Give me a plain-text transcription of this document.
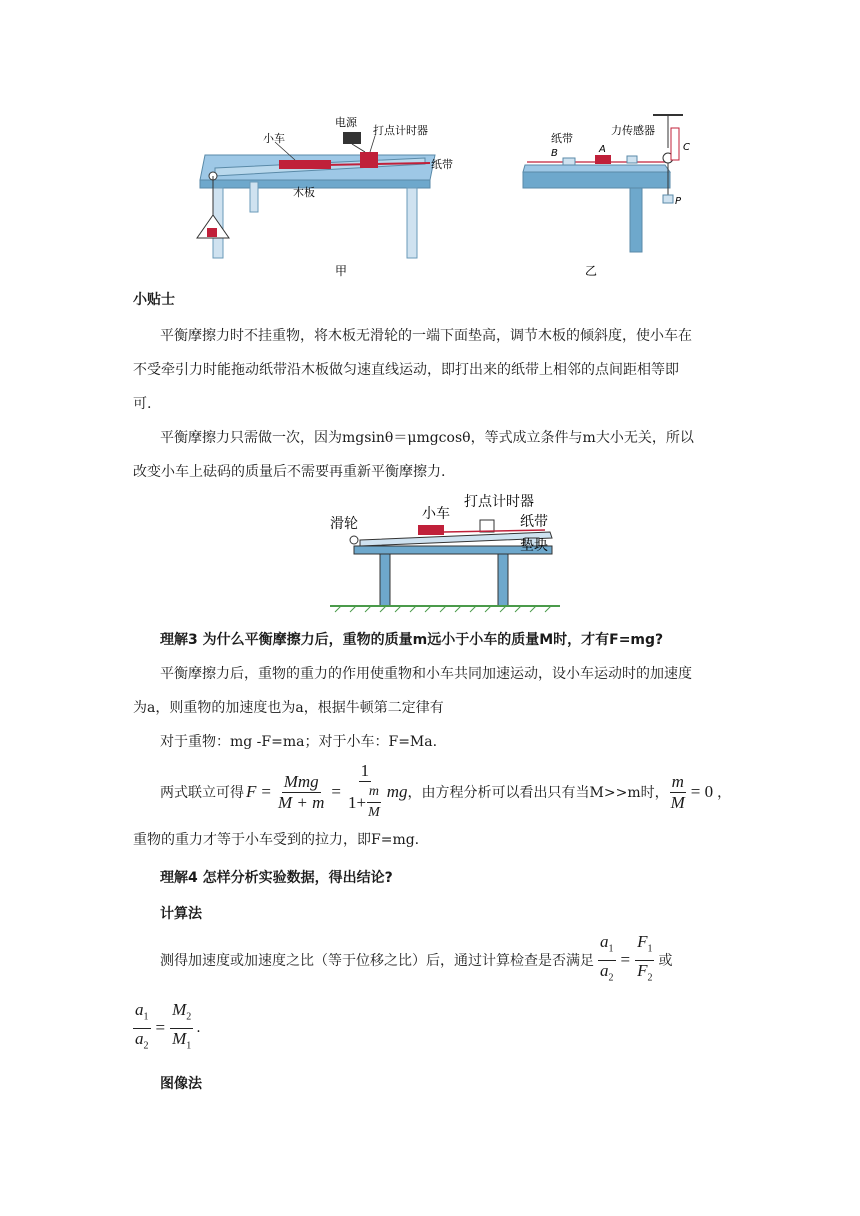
小车
电源
打点计时器
纸带
木板
甲
纸带
力传感器
A
B
C
P
乙
小贴士
平衡摩擦力时不挂重物，将木板无滑轮的一端下面垫高，调节木板的倾斜度，使小车在
不受牵引力时能拖动纸带沿木板做匀速直线运动，即打出来的纸带上相邻的点间距相等即
可.
平衡摩擦力只需做一次，因为mgsinθ＝μmgcosθ，等式成立条件与m大小无关，所以
改变小车上砝码的质量后不需要再重新平衡摩擦力.
滑轮
小车
打点计时器
纸带
垫块
理解3 为什么平衡摩擦力后，重物的质量m远小于小车的质量M时，才有F=mg?
平衡摩擦力后，重物的重力的作用使重物和小车共同加速运动，设小车运动时的加速度
为a，则重物的加速度也为a，根据牛顿第二定律有
对于重物：mg -F=ma；对于小车：F=Ma.
两式联立可得 $F = \frac{\text{Mmg}}{M + m} = \frac{1}{1+ \frac{m}{M}}$ mg ，由方程分析可以看出只有当M>>m时， $\frac{m}{M} = 0$ ，
重物的重力才等于小车受到的拉力，即F=mg.
理解4 怎样分析实验数据，得出结论?
计算法
测得加速度或加速度之比（等于位移之比）后，通过计算检查是否满足 $\frac{a_1}{a_2} = \frac{F_1}{F_2}$ 或
$\frac{a_1}{a_2} = \frac{M_2}{M_1}$ .
图像法
